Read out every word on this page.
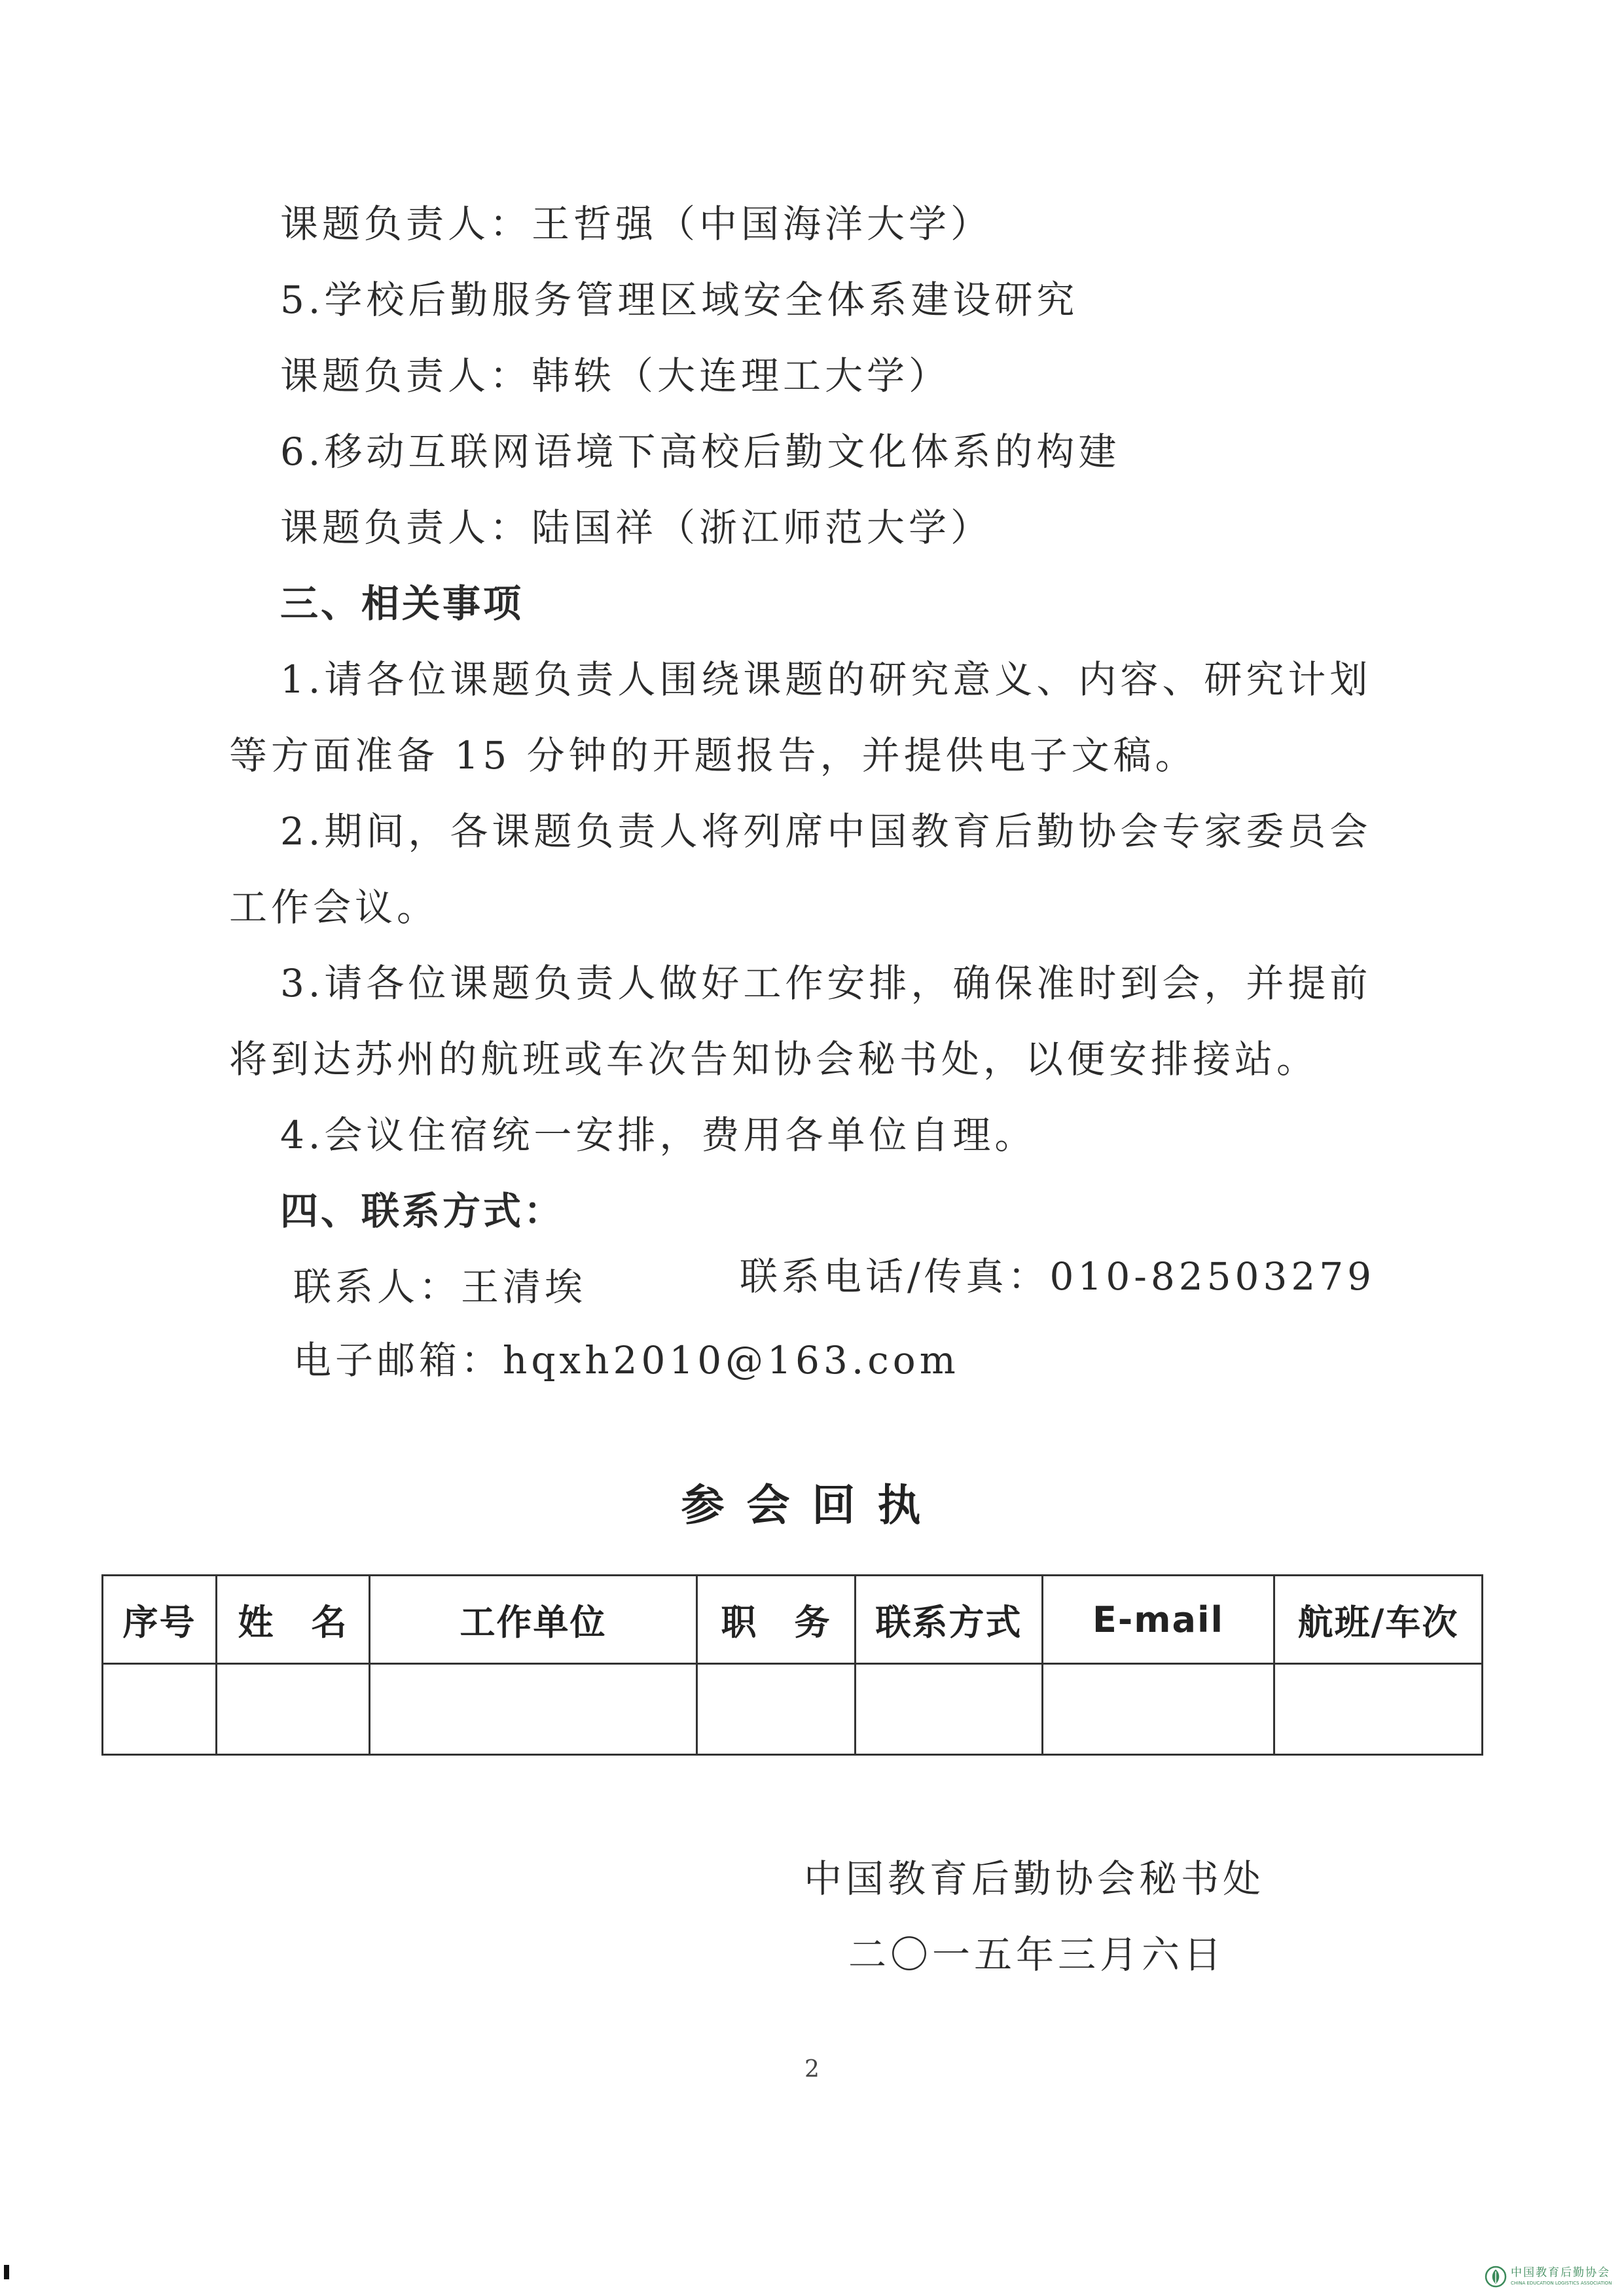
课题负责人：王哲强（中国海洋大学）
5.学校后勤服务管理区域安全体系建设研究
课题负责人：韩轶（大连理工大学）
6.移动互联网语境下高校后勤文化体系的构建
课题负责人：陆国祥（浙江师范大学）
三、相关事项
1.请各位课题负责人围绕课题的研究意义、内容、研究计划
等方面准备 15 分钟的开题报告，并提供电子文稿。
2.期间，各课题负责人将列席中国教育后勤协会专家委员会
工作会议。
3.请各位课题负责人做好工作安排，确保准时到会，并提前
将到达苏州的航班或车次告知协会秘书处，以便安排接站。
4.会议住宿统一安排，费用各单位自理。
四、联系方式：
联系人：王清埃	联系电话/传真：010-82503279
电子邮箱：hqxh2010@163.com
参会回执
序号	姓　名	工作单位	职　务	联系方式	E-mail	航班/车次

中国教育后勤协会秘书处
二〇一五年三月六日
2
中国教育后勤协会
CHINA EDUCATION LOGISTICS ASSOCIATION
